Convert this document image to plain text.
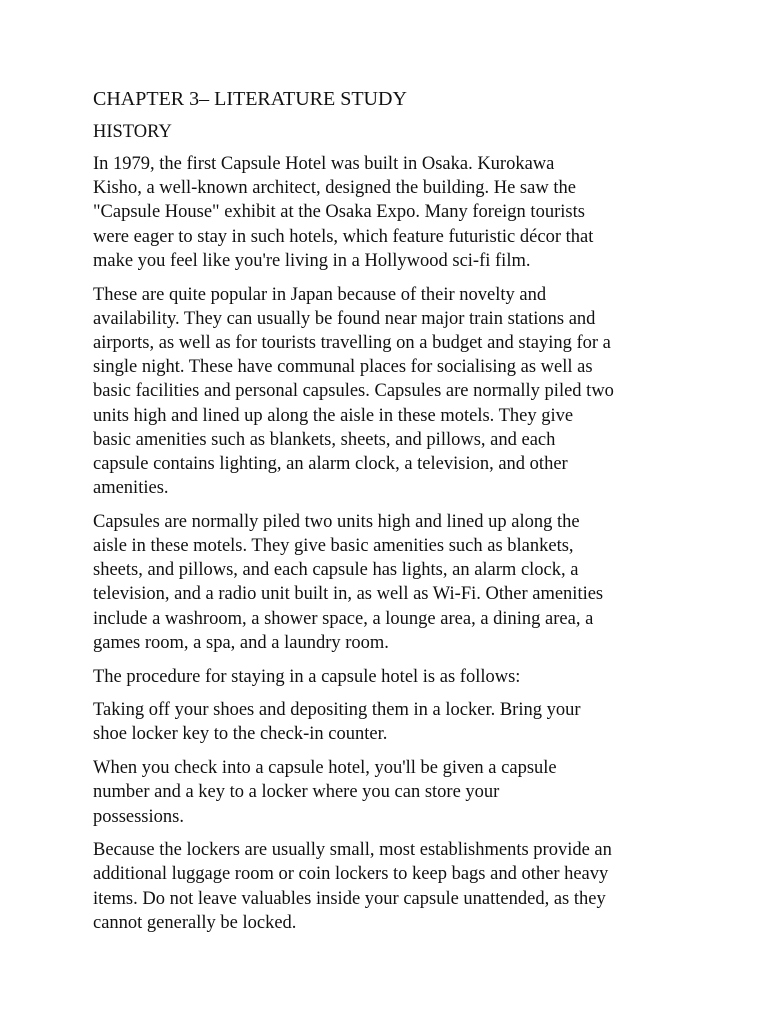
CHAPTER 3– LITERATURE STUDY
HISTORY

In 1979, the first Capsule Hotel was built in Osaka. Kurokawa
Kisho, a well-known architect, designed the building. He saw the
"Capsule House" exhibit at the Osaka Expo. Many foreign tourists
were eager to stay in such hotels, which feature futuristic décor that
make you feel like you're living in a Hollywood sci-fi film.

These are quite popular in Japan because of their novelty and
availability. They can usually be found near major train stations and
airports, as well as for tourists travelling on a budget and staying for a
single night. These have communal places for socialising as well as
basic facilities and personal capsules. Capsules are normally piled two
units high and lined up along the aisle in these motels. They give
basic amenities such as blankets, sheets, and pillows, and each
capsule contains lighting, an alarm clock, a television, and other
amenities.

Capsules are normally piled two units high and lined up along the
aisle in these motels. They give basic amenities such as blankets,
sheets, and pillows, and each capsule has lights, an alarm clock, a
television, and a radio unit built in, as well as Wi-Fi. Other amenities
include a washroom, a shower space, a lounge area, a dining area, a
games room, a spa, and a laundry room.

The procedure for staying in a capsule hotel is as follows:

Taking off your shoes and depositing them in a locker. Bring your
shoe locker key to the check-in counter.

When you check into a capsule hotel, you'll be given a capsule
number and a key to a locker where you can store your
possessions.

Because the lockers are usually small, most establishments provide an
additional luggage room or coin lockers to keep bags and other heavy
items. Do not leave valuables inside your capsule unattended, as they
cannot generally be locked.
